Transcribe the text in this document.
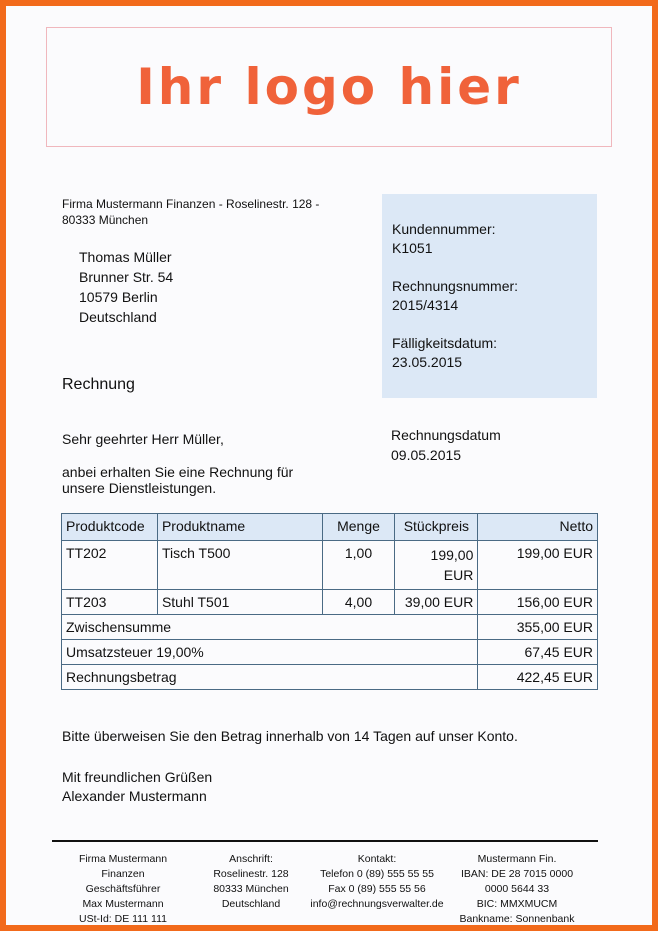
Ihr logo hier
Firma Mustermann Finanzen - Roselinestr. 128 - 80333 München
Thomas Müller
Brunner Str. 54
10579 Berlin
Deutschland
Kundennummer:
K1051
Rechnungsnummer:
2015/4314
Fälligkeitsdatum:
23.05.2015
Rechnung
Sehr geehrter Herr Müller,
anbei erhalten Sie eine Rechnung für unsere Dienstleistungen.
Rechnungsdatum
09.05.2015
Produktcode	Produktname	Menge	Stückpreis	Netto
TT202	Tisch T500	1,00	199,00 EUR	199,00 EUR
TT203	Stuhl T501	4,00	39,00 EUR	156,00 EUR
Zwischensumme				355,00 EUR
Umsatzsteuer 19,00%				67,45 EUR
Rechnungsbetrag				422,45 EUR
Bitte überweisen Sie den Betrag innerhalb von 14 Tagen auf unser Konto.
Mit freundlichen Grüßen
Alexander Mustermann
Firma Mustermann
Finanzen
Geschäftsführer
Max Mustermann
USt-Id: DE 111 111
Anschrift:
Roselinestr. 128
80333 München
Deutschland
Kontakt:
Telefon 0 (89) 555 55 55
Fax 0 (89) 555 55 56
info@rechnungsverwalter.de
Mustermann Fin.
IBAN: DE 28 7015 0000
0000 5644 33
BIC: MMXMUCM
Bankname: Sonnenbank
